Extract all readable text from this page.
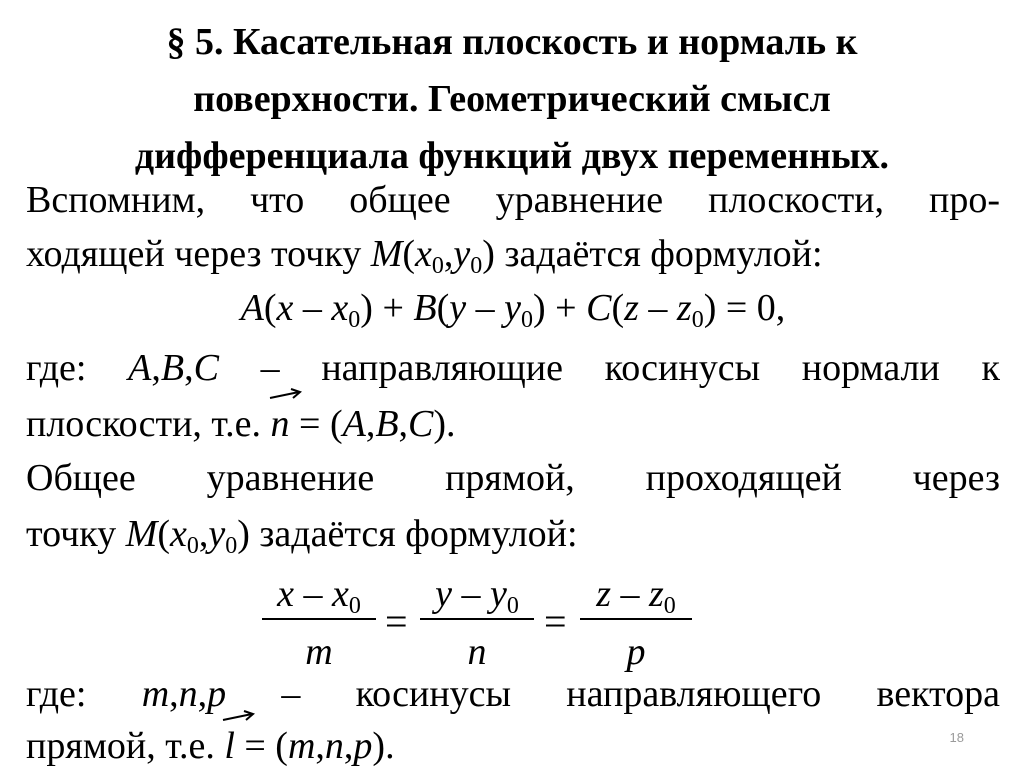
§ 5. Касательная плоскость и нормаль к
поверхности. Геометрический смысл
дифференциала функций двух переменных.
Вспомним, что общее уравнение плоскости, про-
ходящей через точку $M(x_0,y_0)$ задаётся формулой:
$A(x - x_0) + B(y - y_0) + C(z - z_0) = 0$,
где: A,B,C – направляющие косинусы нормали к
плоскости, т.е. n
= (A,B,C).
Общее уравнение прямой, проходящей через
точку $M(x_0,y_0)$ задаётся формулой:
x – $x_0$
m
=
y – $y_0$
n
=
z – $z_0$
p
где: m,n,p – косинусы направляющего вектора
прямой, т.е. l
= (m,n,p).	18
